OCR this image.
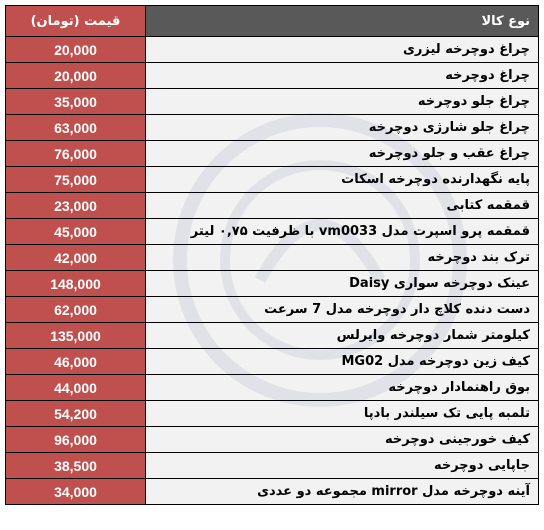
نوع کالا	قیمت (تومان)
چراغ دوچرخه لیزری	20,000
چراغ دوچرخه	20,000
چراغ جلو دوچرخه	35,000
چراغ جلو شارژی دوچرخه	63,000
چراغ عقب و جلو دوچرخه	76,000
پایه نگهدارنده دوچرخه اسکات	75,000
قمقمه کتابی	23,000
قمقمه پرو اسپرت مدل vm0033 با ظرفیت ۰,۷۵ لیتر	45,000
ترک بند دوچرخه	42,000
عینک دوچرخه سواری Daisy	148,000
دست دنده کلاچ دار دوچرخه مدل 7 سرعت	62,000
کیلومتر شمار دوچرخه وایرلس	135,000
کیف زین دوچرخه مدل MG02	46,000
بوق راهنمادار دوچرخه	44,000
تلمبه پایی تک سیلندر بادپا	54,200
کیف خورجینی دوچرخه	96,000
جاپایی دوچرخه	38,500
آینه دوچرخه مدل mirror مجموعه دو عددی	34,000
